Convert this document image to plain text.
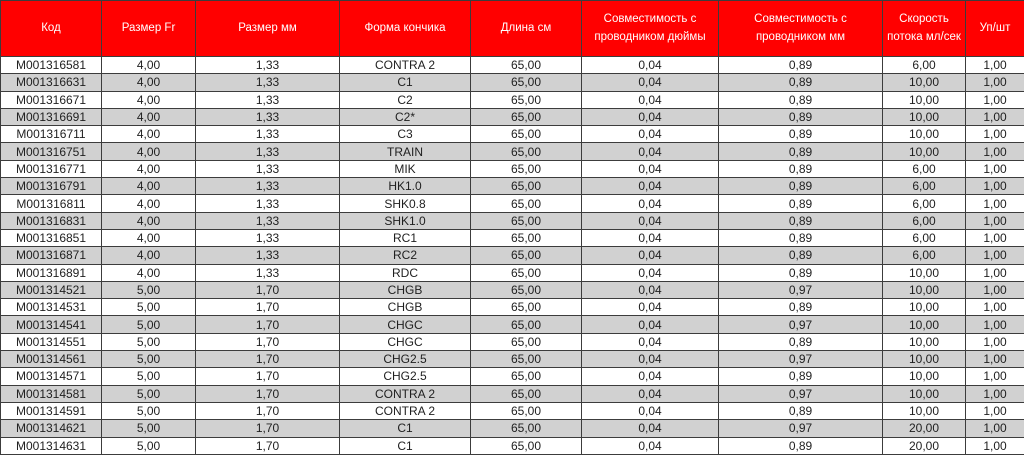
Код	Размер Fr	Размер мм	Форма кончика	Длина см	Совместимость с проводником дюймы	Совместимость с проводником мм	Скорость потока мл/сек	Уп/шт

M001316581	4,00	1,33	CONTRA 2	65,00	0,04	0,89	6,00	1,00
M001316631	4,00	1,33	C1	65,00	0,04	0,89	10,00	1,00
M001316671	4,00	1,33	C2	65,00	0,04	0,89	10,00	1,00
M001316691	4,00	1,33	C2*	65,00	0,04	0,89	10,00	1,00
M001316711	4,00	1,33	C3	65,00	0,04	0,89	10,00	1,00
M001316751	4,00	1,33	TRAIN	65,00	0,04	0,89	10,00	1,00
M001316771	4,00	1,33	MIK	65,00	0,04	0,89	6,00	1,00
M001316791	4,00	1,33	HK1.0	65,00	0,04	0,89	6,00	1,00
M001316811	4,00	1,33	SHK0.8	65,00	0,04	0,89	6,00	1,00
M001316831	4,00	1,33	SHK1.0	65,00	0,04	0,89	6,00	1,00
M001316851	4,00	1,33	RC1	65,00	0,04	0,89	6,00	1,00
M001316871	4,00	1,33	RC2	65,00	0,04	0,89	6,00	1,00
M001316891	4,00	1,33	RDC	65,00	0,04	0,89	10,00	1,00
M001314521	5,00	1,70	CHGB	65,00	0,04	0,97	10,00	1,00
M001314531	5,00	1,70	CHGB	65,00	0,04	0,89	10,00	1,00
M001314541	5,00	1,70	CHGC	65,00	0,04	0,97	10,00	1,00
M001314551	5,00	1,70	CHGC	65,00	0,04	0,89	10,00	1,00
M001314561	5,00	1,70	CHG2.5	65,00	0,04	0,97	10,00	1,00
M001314571	5,00	1,70	CHG2.5	65,00	0,04	0,89	10,00	1,00
M001314581	5,00	1,70	CONTRA 2	65,00	0,04	0,97	10,00	1,00
M001314591	5,00	1,70	CONTRA 2	65,00	0,04	0,89	10,00	1,00
M001314621	5,00	1,70	C1	65,00	0,04	0,97	20,00	1,00
M001314631	5,00	1,70	C1	65,00	0,04	0,89	20,00	1,00
